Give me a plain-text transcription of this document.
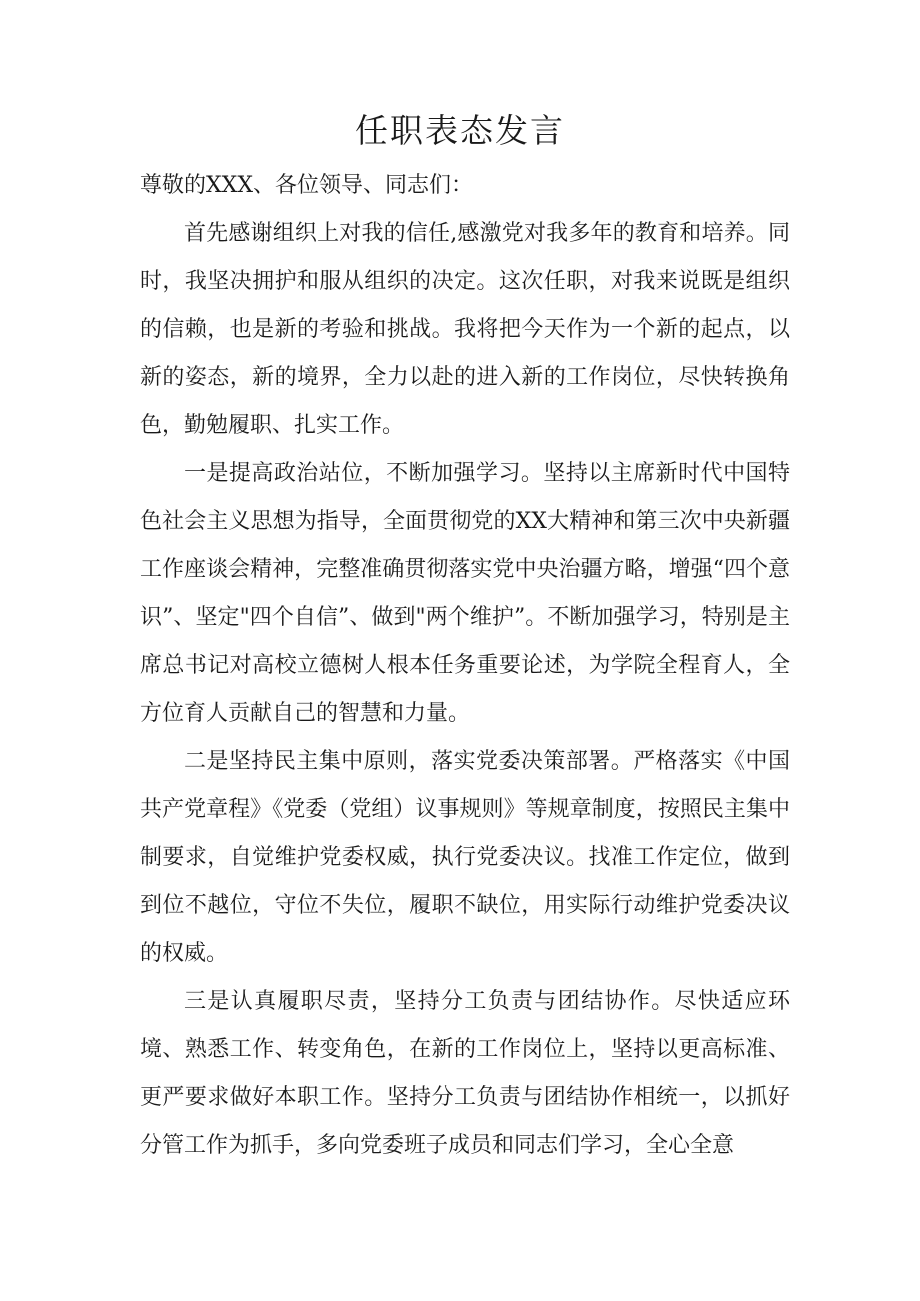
任职表态发言

尊敬的XXX、各位领导、同志们：

首先感谢组织上对我的信任,感激党对我多年的教育和培养。同时，我坚决拥护和服从组织的决定。这次任职，对我来说既是组织的信赖，也是新的考验和挑战。我将把今天作为一个新的起点，以新的姿态，新的境界，全力以赴的进入新的工作岗位，尽快转换角色，勤勉履职、扎实工作。

一是提高政治站位，不断加强学习。坚持以主席新时代中国特色社会主义思想为指导，全面贯彻党的XX大精神和第三次中央新疆工作座谈会精神，完整准确贯彻落实党中央治疆方略，增强“四个意识”、坚定"四个自信”、做到"两个维护”。不断加强学习，特别是主席总书记对高校立德树人根本任务重要论述，为学院全程育人，全方位育人贡献自己的智慧和力量。

二是坚持民主集中原则，落实党委决策部署。严格落实《中国共产党章程》《党委（党组）议事规则》等规章制度，按照民主集中制要求，自觉维护党委权威，执行党委决议。找准工作定位，做到到位不越位，守位不失位，履职不缺位，用实际行动维护党委决议的权威。

三是认真履职尽责，坚持分工负责与团结协作。尽快适应环境、熟悉工作、转变角色，在新的工作岗位上，坚持以更高标准、更严要求做好本职工作。坚持分工负责与团结协作相统一，以抓好分管工作为抓手，多向党委班子成员和同志们学习，全心全意
